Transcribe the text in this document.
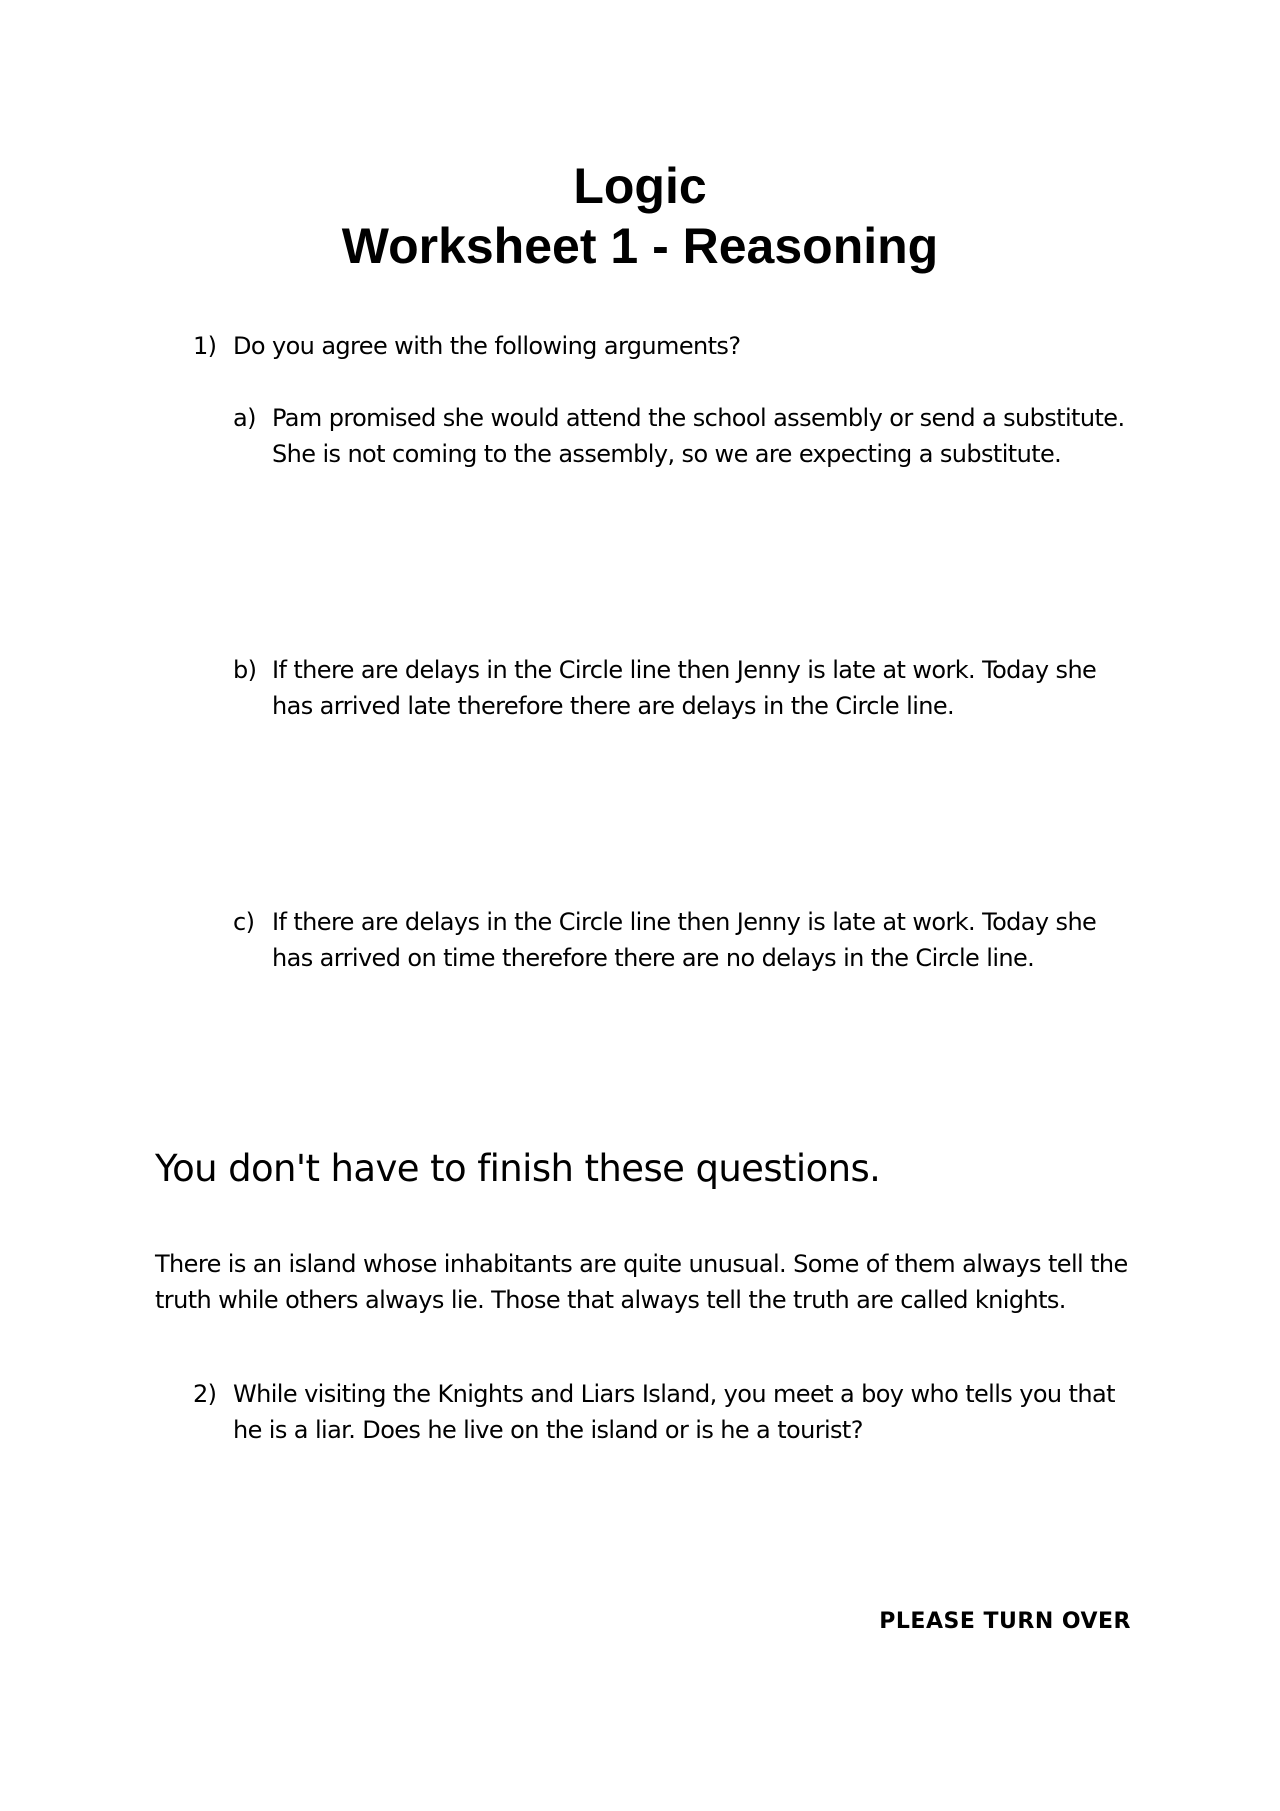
Logic
Worksheet 1 - Reasoning
1) Do you agree with the following arguments?
a) Pam promised she would attend the school assembly or send a substitute.
She is not coming to the assembly, so we are expecting a substitute.
b) If there are delays in the Circle line then Jenny is late at work. Today she
has arrived late therefore there are delays in the Circle line.
c) If there are delays in the Circle line then Jenny is late at work. Today she
has arrived on time therefore there are no delays in the Circle line.
You don't have to finish these questions.
There is an island whose inhabitants are quite unusual. Some of them always tell the
truth while others always lie. Those that always tell the truth are called knights.
2) While visiting the Knights and Liars Island, you meet a boy who tells you that
he is a liar. Does he live on the island or is he a tourist?
PLEASE TURN OVER
